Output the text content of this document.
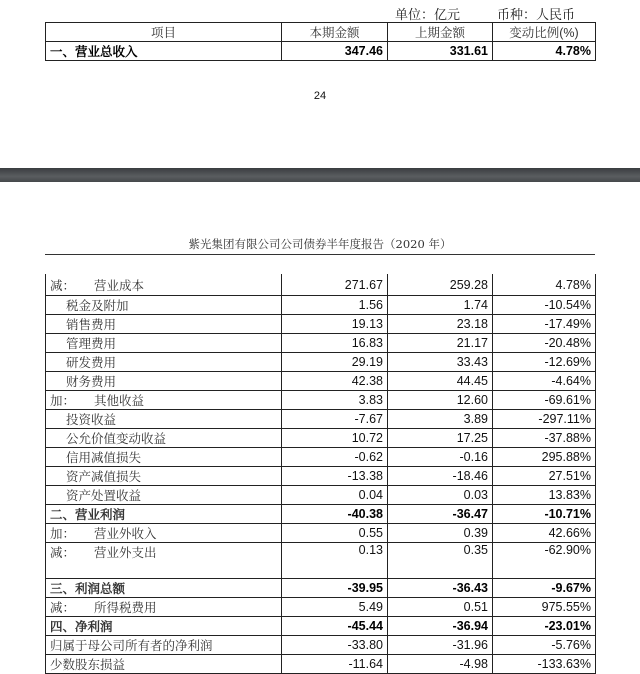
单位：亿元	币种：人民币
项目	本期金额	上期金额	变动比例(%)
一、营业总收入	347.46	331.61	4.78%
24
紫光集团有限公司公司债券半年度报告（2020 年）
减： 营业成本	271.67	259.28	4.78%
税金及附加	1.56	1.74	-10.54%
销售费用	19.13	23.18	-17.49%
管理费用	16.83	21.17	-20.48%
研发费用	29.19	33.43	-12.69%
财务费用	42.38	44.45	-4.64%
加： 其他收益	3.83	12.60	-69.61%
投资收益	-7.67	3.89	-297.11%
公允价值变动收益	10.72	17.25	-37.88%
信用减值损失	-0.62	-0.16	295.88%
资产减值损失	-13.38	-18.46	27.51%
资产处置收益	0.04	0.03	13.83%
二、营业利润	-40.38	-36.47	-10.71%
加： 营业外收入	0.55	0.39	42.66%
减： 营业外支出	0.13	0.35	-62.90%
三、利润总额	-39.95	-36.43	-9.67%
减： 所得税费用	5.49	0.51	975.55%
四、净利润	-45.44	-36.94	-23.01%
归属于母公司所有者的净利润	-33.80	-31.96	-5.76%
少数股东损益	-11.64	-4.98	-133.63%
